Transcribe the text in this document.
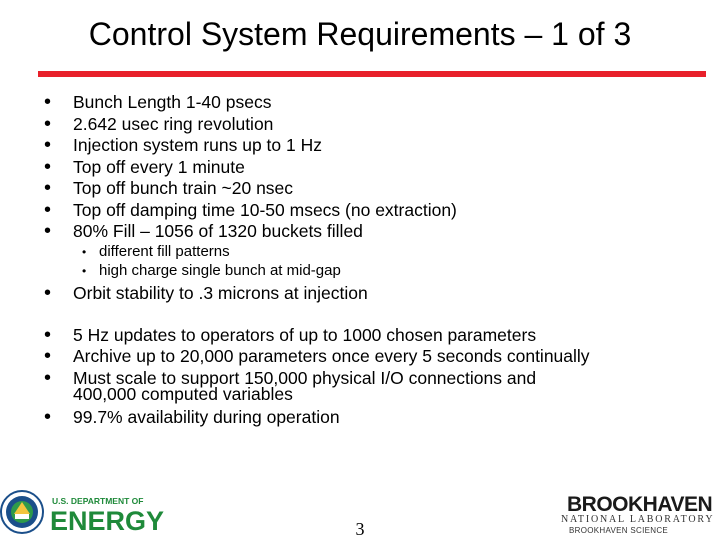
Control System Requirements – 1 of 3
• Bunch Length 1-40 psecs
• 2.642 usec ring revolution
• Injection system runs up to 1 Hz
• Top off every 1 minute
• Top off bunch train ~20 nsec
• Top off damping time 10-50 msecs (no extraction)
• 80% Fill – 1056 of 1320 buckets filled
• different fill patterns
• high charge single bunch at mid-gap
• Orbit stability to .3 microns at injection
• 5 Hz updates to operators of up to 1000 chosen parameters
• Archive up to 20,000 parameters once every 5 seconds continually
• Must scale to support 150,000 physical I/O connections and
400,000 computed variables
• 99.7% availability during operation
U.S. DEPARTMENT OF
ENERGY	3
BROOKHAVEN
NATIONAL LABORATORY
BROOKHAVEN SCIENCE
